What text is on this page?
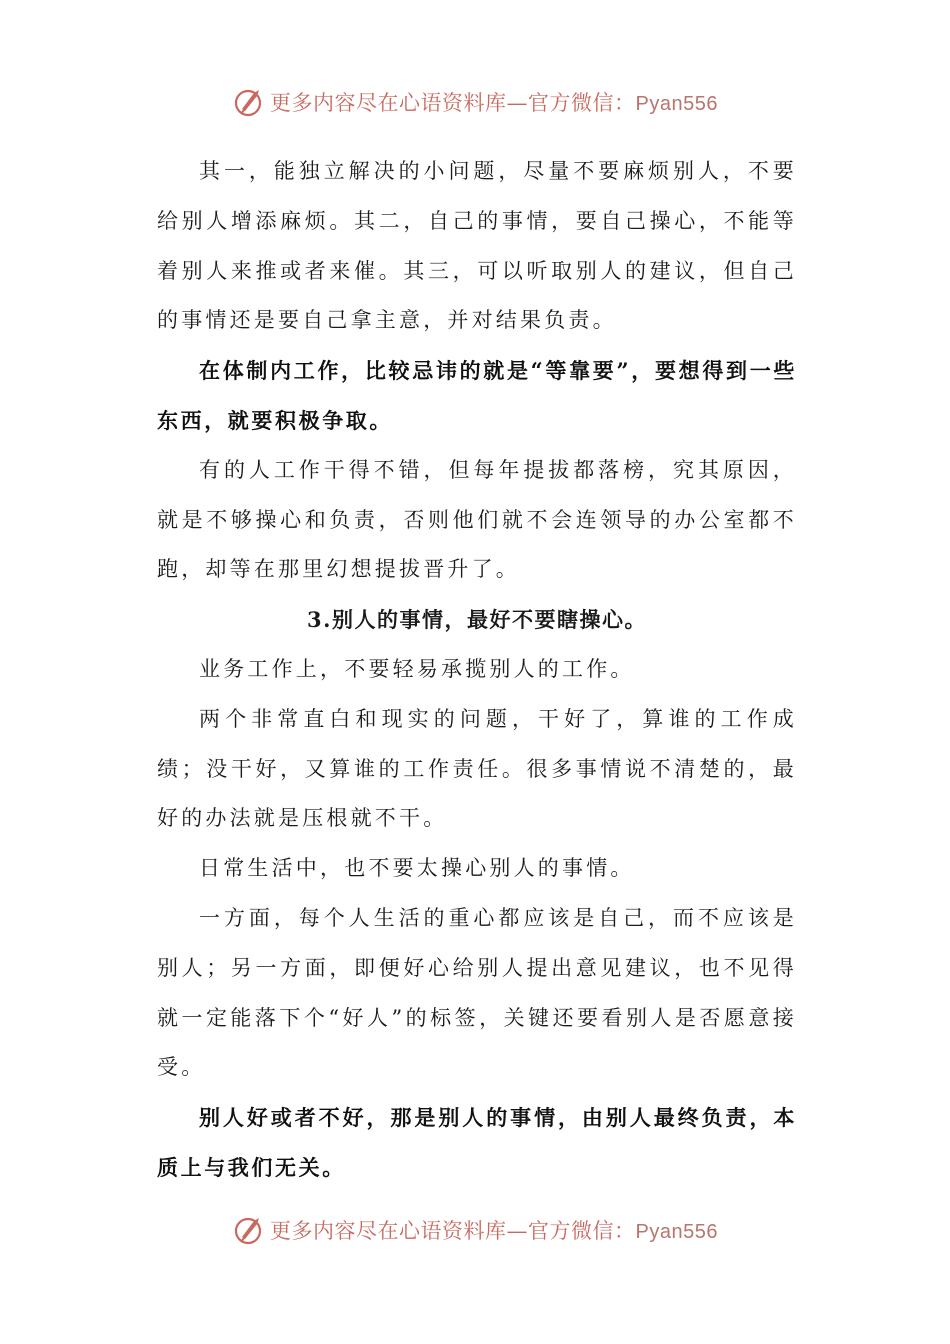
更多内容尽在心语资料库—官方微信：Pyan556

其一，能独立解决的小问题，尽量不要麻烦别人，不要给别人增添麻烦。其二，自己的事情，要自己操心，不能等着别人来推或者来催。其三，可以听取别人的建议，但自己的事情还是要自己拿主意，并对结果负责。

在体制内工作，比较忌讳的就是“等靠要”，要想得到一些东西，就要积极争取。

有的人工作干得不错，但每年提拔都落榜，究其原因，就是不够操心和负责，否则他们就不会连领导的办公室都不跑，却等在那里幻想提拔晋升了。

3.别人的事情，最好不要瞎操心。

业务工作上，不要轻易承揽别人的工作。

两个非常直白和现实的问题，干好了，算谁的工作成绩；没干好，又算谁的工作责任。很多事情说不清楚的，最好的办法就是压根就不干。

日常生活中，也不要太操心别人的事情。

一方面，每个人生活的重心都应该是自己，而不应该是别人；另一方面，即便好心给别人提出意见建议，也不见得就一定能落下个“好人”的标签，关键还要看别人是否愿意接受。

别人好或者不好，那是别人的事情，由别人最终负责，本质上与我们无关。

更多内容尽在心语资料库—官方微信：Pyan556
